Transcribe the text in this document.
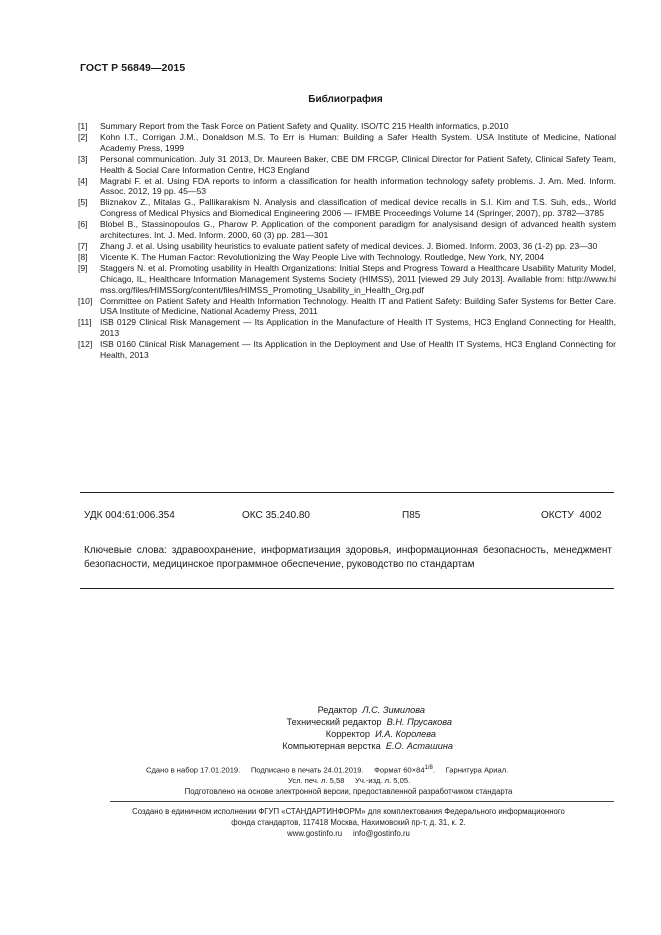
ГОСТ Р 56849—2015
Библиография
[1]	Summary Report from the Task Force on Patient Safety and Quality. ISO/TC 215 Health informatics, p.2010
[2]	Kohn I.T., Corrigan J.M., Donaldson M.S. To Err is Human: Building a Safer Health System. USA Institute of Medicine, National Academy Press, 1999
[3]	Personal communication. July 31 2013, Dr. Maureen Baker, CBE DM FRCGP, Clinical Director for Patient Safety, Clinical Safety Team, Health & Social Care Information Centre, HC3 England
[4]	Magrabi F. et al. Using FDA reports to inform a classification for health information technology safety problems. J. Am. Med. Inform. Assoc. 2012, 19 pp. 45—53
[5]	Bliznakov Z., Mitalas G., Pallikarakism N. Analysis and classification of medical device recalls in S.I. Kim and T.S. Suh, eds., World Congress of Medical Physics and Biomedical Engineering 2006 — IFMBE Proceedings Volume 14 (Springer, 2007), pp. 3782—3785
[6]	Blobel B., Stassinopoulos G., Pharow P. Application of the component paradigm for analysisand design of advanced health system architectures. Int. J. Med. Inform. 2000, 60 (3) pp. 281—301
[7]	Zhang J. et al. Using usability heuristics to evaluate patient safety of medical devices. J. Biomed. Inform. 2003, 36 (1-2) pp. 23—30
[8]	Vicente K. The Human Factor: Revolutionizing the Way People Live with Technology. Routledge, New York, NY, 2004
[9]	Staggers N. et al. Promoting usability in Health Organizations: Initial Steps and Progress Toward a Healthcare Usability Maturity Model, Chicago, IL, Healthcare Information Management Systems Society (HIMSS), 2011 [viewed 29 July 2013]. Available from: http://www.himss.org/files/HIMSSorg/content/files/HIMSS_Promoting_Usability_in_Health_Org.pdf
[10] Committee on Patient Safety and Health Information Technology. Health IT and Patient Safety: Building Safer Systems for Better Care. USA Institute of Medicine, National Academy Press, 2011
[11] ISB 0129 Clinical Risk Management — Its Application in the Manufacture of Health IT Systems, HC3 England Connecting for Health, 2013
[12] ISB 0160 Clinical Risk Management — Its Application in the Deployment and Use of Health IT Systems, HC3 England Connecting for Health, 2013
УДК 004:61:006.354	ОКС 35.240.80	П85	ОКСТУ  4002
Ключевые слова: здравоохранение, информатизация здоровья, информационная безопасность, менеджмент безопасности, медицинское программное обеспечение, руководство по стандартам
Редактор Л.С. Зимилова
Технический редактор В.Н. Прусакова
Корректор И.А. Королева
Компьютерная верстка Е.О. Асташина
Сдано в набор 17.01.2019. Подписано в печать 24.01.2019. Формат $60\times 84^{1/8}$.     Гарнитура Ариал.
Усл. печ. л. 5,58 Уч.-изд. л. 5,05.
Подготовлено на основе электронной версии, предоставленной разработчиком стандарта
Создано в единичном исполнении ФГУП «СТАНДАРТИНФОРМ» для комплектования Федерального информационного
фонда стандартов, 117418 Москва, Нахимовский пр-т, д. 31, к. 2.
www.gostinfo.ru info@gostinfo.ru
